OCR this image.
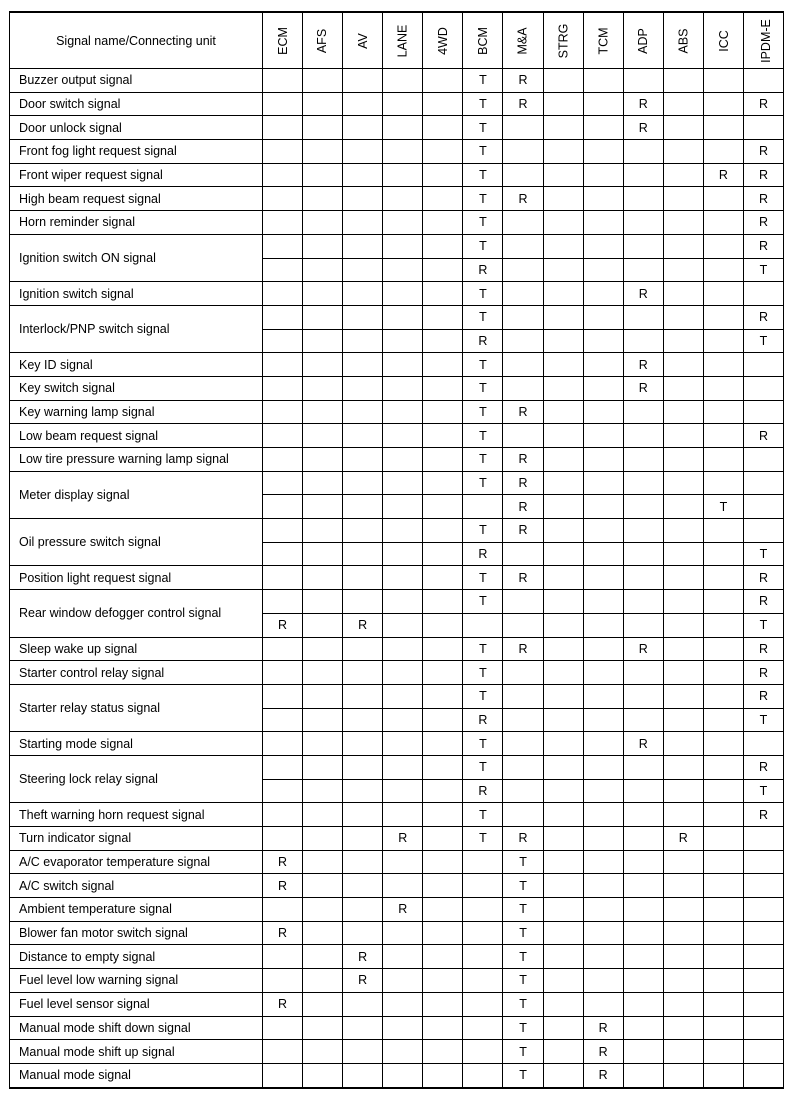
Signal name/Connecting unit	ECM	AFS	AV	LANE	4WD	BCM	M&A	STRG	TCM	ADP	ABS	ICC	IPDM-E
Buzzer output signal						T	R						
Door switch signal						T	R			R			R
Door unlock signal						T				R			
Front fog light request signal						T							R
Front wiper request signal						T						R	R
High beam request signal						T	R						R
Horn reminder signal						T							R
Ignition switch ON signal						T							R
						R							T
Ignition switch signal						T				R			
Interlock/PNP switch signal						T							R
						R							T
Key ID signal						T				R			
Key switch signal						T				R			
Key warning lamp signal						T	R						
Low beam request signal						T							R
Low tire pressure warning lamp signal						T	R						
Meter display signal						T	R						
							R					T	
Oil pressure switch signal						T	R						
						R							T
Position light request signal						T	R						R
Rear window defogger control signal						T							R
	R		R										T
Sleep wake up signal						T	R			R			R
Starter control relay signal						T							R
Starter relay status signal						T							R
						R							T
Starting mode signal						T				R			
Steering lock relay signal						T							R
						R							T
Theft warning horn request signal						T							R
Turn indicator signal				R		T	R				R		
A/C evaporator temperature signal	R						T						
A/C switch signal	R						T						
Ambient temperature signal				R			T						
Blower fan motor switch signal	R						T						
Distance to empty signal			R				T						
Fuel level low warning signal			R				T						
Fuel level sensor signal	R						T						
Manual mode shift down signal							T		R				
Manual mode shift up signal							T		R				
Manual mode signal							T		R				
